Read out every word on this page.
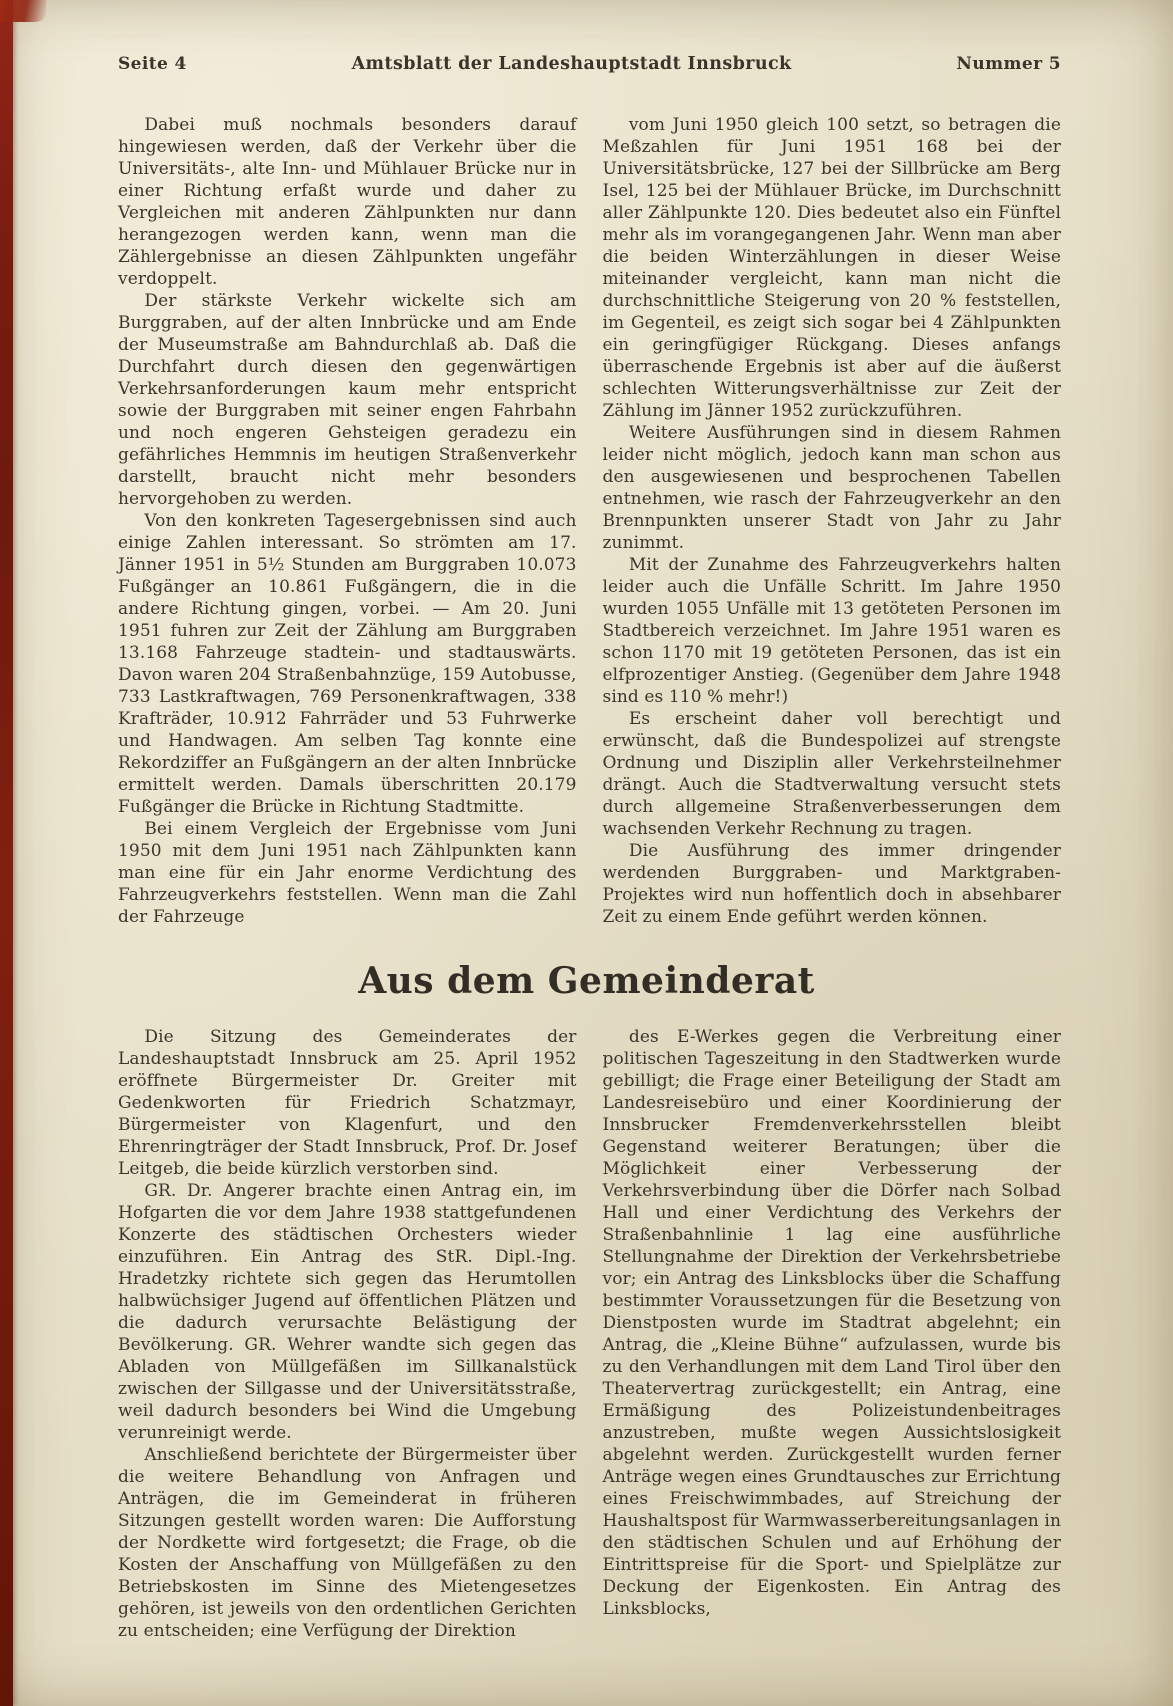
Seite 4	Amtsblatt der Landeshauptstadt Innsbruck	Nummer 5

Dabei muß nochmals besonders darauf hingewiesen werden, daß der Verkehr über die Universitäts-, alte Inn- und Mühlauer Brücke nur in einer Richtung erfaßt wurde und daher zu Vergleichen mit anderen Zählpunkten nur dann herangezogen werden kann, wenn man die Zählergebnisse an diesen Zählpunkten ungefähr verdoppelt.

Der stärkste Verkehr wickelte sich am Burggraben, auf der alten Innbrücke und am Ende der Museumstraße am Bahndurchlaß ab. Daß die Durchfahrt durch diesen den gegenwärtigen Verkehrsanforderungen kaum mehr entspricht sowie der Burggraben mit seiner engen Fahrbahn und noch engeren Gehsteigen geradezu ein gefährliches Hemmnis im heutigen Straßenverkehr darstellt, braucht nicht mehr besonders hervorgehoben zu werden.

Von den konkreten Tagesergebnissen sind auch einige Zahlen interessant. So strömten am 17. Jänner 1951 in 5½ Stunden am Burggraben 10.073 Fußgänger an 10.861 Fußgängern, die in die andere Richtung gingen, vorbei. — Am 20. Juni 1951 fuhren zur Zeit der Zählung am Burggraben 13.168 Fahrzeuge stadtein- und stadtauswärts. Davon waren 204 Straßenbahnzüge, 159 Autobusse, 733 Lastkraftwagen, 769 Personenkraftwagen, 338 Krafträder, 10.912 Fahrräder und 53 Fuhrwerke und Handwagen. Am selben Tag konnte eine Rekordziffer an Fußgängern an der alten Innbrücke ermittelt werden. Damals überschritten 20.179 Fußgänger die Brücke in Richtung Stadtmitte.

Bei einem Vergleich der Ergebnisse vom Juni 1950 mit dem Juni 1951 nach Zählpunkten kann man eine für ein Jahr enorme Verdichtung des Fahrzeugverkehrs feststellen. Wenn man die Zahl der Fahrzeuge

vom Juni 1950 gleich 100 setzt, so betragen die Meßzahlen für Juni 1951 168 bei der Universitätsbrücke, 127 bei der Sillbrücke am Berg Isel, 125 bei der Mühlauer Brücke, im Durchschnitt aller Zählpunkte 120. Dies bedeutet also ein Fünftel mehr als im vorangegangenen Jahr. Wenn man aber die beiden Winterzählungen in dieser Weise miteinander vergleicht, kann man nicht die durchschnittliche Steigerung von 20 % feststellen, im Gegenteil, es zeigt sich sogar bei 4 Zählpunkten ein geringfügiger Rückgang. Dieses anfangs überraschende Ergebnis ist aber auf die äußerst schlechten Witterungsverhältnisse zur Zeit der Zählung im Jänner 1952 zurückzuführen.

Weitere Ausführungen sind in diesem Rahmen leider nicht möglich, jedoch kann man schon aus den ausgewiesenen und besprochenen Tabellen entnehmen, wie rasch der Fahrzeugverkehr an den Brennpunkten unserer Stadt von Jahr zu Jahr zunimmt.

Mit der Zunahme des Fahrzeugverkehrs halten leider auch die Unfälle Schritt. Im Jahre 1950 wurden 1055 Unfälle mit 13 getöteten Personen im Stadtbereich verzeichnet. Im Jahre 1951 waren es schon 1170 mit 19 getöteten Personen, das ist ein elfprozentiger Anstieg. (Gegenüber dem Jahre 1948 sind es 110 % mehr!)

Es erscheint daher voll berechtigt und erwünscht, daß die Bundespolizei auf strengste Ordnung und Disziplin aller Verkehrsteilnehmer drängt. Auch die Stadtverwaltung versucht stets durch allgemeine Straßenverbesserungen dem wachsenden Verkehr Rechnung zu tragen.

Die Ausführung des immer dringender werdenden Burggraben- und Marktgraben-Projektes wird nun hoffentlich doch in absehbarer Zeit zu einem Ende geführt werden können.

Aus dem Gemeinderat

Die Sitzung des Gemeinderates der Landeshauptstadt Innsbruck am 25. April 1952 eröffnete Bürgermeister Dr. Greiter mit Gedenkworten für Friedrich Schatzmayr, Bürgermeister von Klagenfurt, und den Ehrenringträger der Stadt Innsbruck, Prof. Dr. Josef Leitgeb, die beide kürzlich verstorben sind.

GR. Dr. Angerer brachte einen Antrag ein, im Hofgarten die vor dem Jahre 1938 stattgefundenen Konzerte des städtischen Orchesters wieder einzuführen. Ein Antrag des StR. Dipl.-Ing. Hradetzky richtete sich gegen das Herumtollen halbwüchsiger Jugend auf öffentlichen Plätzen und die dadurch verursachte Belästigung der Bevölkerung. GR. Wehrer wandte sich gegen das Abladen von Müllgefäßen im Sillkanalstück zwischen der Sillgasse und der Universitätsstraße, weil dadurch besonders bei Wind die Umgebung verunreinigt werde.

Anschließend berichtete der Bürgermeister über die weitere Behandlung von Anfragen und Anträgen, die im Gemeinderat in früheren Sitzungen gestellt worden waren: Die Aufforstung der Nordkette wird fortgesetzt; die Frage, ob die Kosten der Anschaffung von Müllgefäßen zu den Betriebskosten im Sinne des Mietengesetzes gehören, ist jeweils von den ordentlichen Gerichten zu entscheiden; eine Verfügung der Direktion

des E-Werkes gegen die Verbreitung einer politischen Tageszeitung in den Stadtwerken wurde gebilligt; die Frage einer Beteiligung der Stadt am Landesreisebüro und einer Koordinierung der Innsbrucker Fremdenverkehrsstellen bleibt Gegenstand weiterer Beratungen; über die Möglichkeit einer Verbesserung der Verkehrsverbindung über die Dörfer nach Solbad Hall und einer Verdichtung des Verkehrs der Straßenbahnlinie 1 lag eine ausführliche Stellungnahme der Direktion der Verkehrsbetriebe vor; ein Antrag des Linksblocks über die Schaffung bestimmter Voraussetzungen für die Besetzung von Dienstposten wurde im Stadtrat abgelehnt; ein Antrag, die „Kleine Bühne“ aufzulassen, wurde bis zu den Verhandlungen mit dem Land Tirol über den Theatervertrag zurückgestellt; ein Antrag, eine Ermäßigung des Polizeistundenbeitrages anzustreben, mußte wegen Aussichtslosigkeit abgelehnt werden. Zurückgestellt wurden ferner Anträge wegen eines Grundtausches zur Errichtung eines Freischwimmbades, auf Streichung der Haushaltspost für Warmwasserbereitungsanlagen in den städtischen Schulen und auf Erhöhung der Eintrittspreise für die Sport- und Spielplätze zur Deckung der Eigenkosten. Ein Antrag des Linksblocks,
